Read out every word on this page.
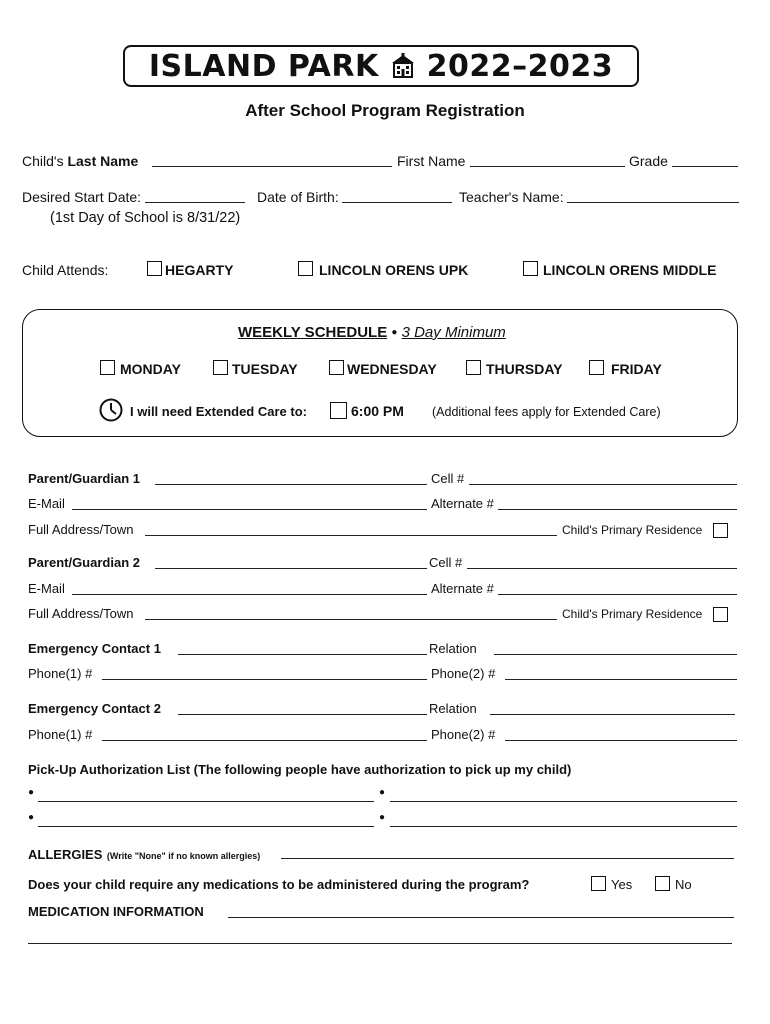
ISLAND PARK 2022–2023
After School Program Registration
Child's Last Name	First Name	Grade
Desired Start Date:	Date of Birth:	Teacher's Name:
(1st Day of School is 8/31/22)
Child Attends:	HEGARTY	LINCOLN ORENS UPK	LINCOLN ORENS MIDDLE
WEEKLY SCHEDULE ● 3 Day Minimum
MONDAY	TUESDAY	WEDNESDAY	THURSDAY	FRIDAY
I will need Extended Care to:	6:00 PM (Additional fees apply for Extended Care)
Parent/Guardian 1	Cell #
E-Mail	Alternate #
Full Address/Town	Child's Primary Residence
Parent/Guardian 2	Cell #
E-Mail	Alternate #
Full Address/Town	Child's Primary Residence
Emergency Contact 1	Relation
Phone(1) #	Phone(2) #
Emergency Contact 2	Relation
Phone(1) #	Phone(2) #
Pick-Up Authorization List (The following people have authorization to pick up my child)
●	●
●	●
ALLERGIES (Write "None" if no known allergies)
Does your child require any medications to be administered during the program?	Yes	No
MEDICATION INFORMATION
